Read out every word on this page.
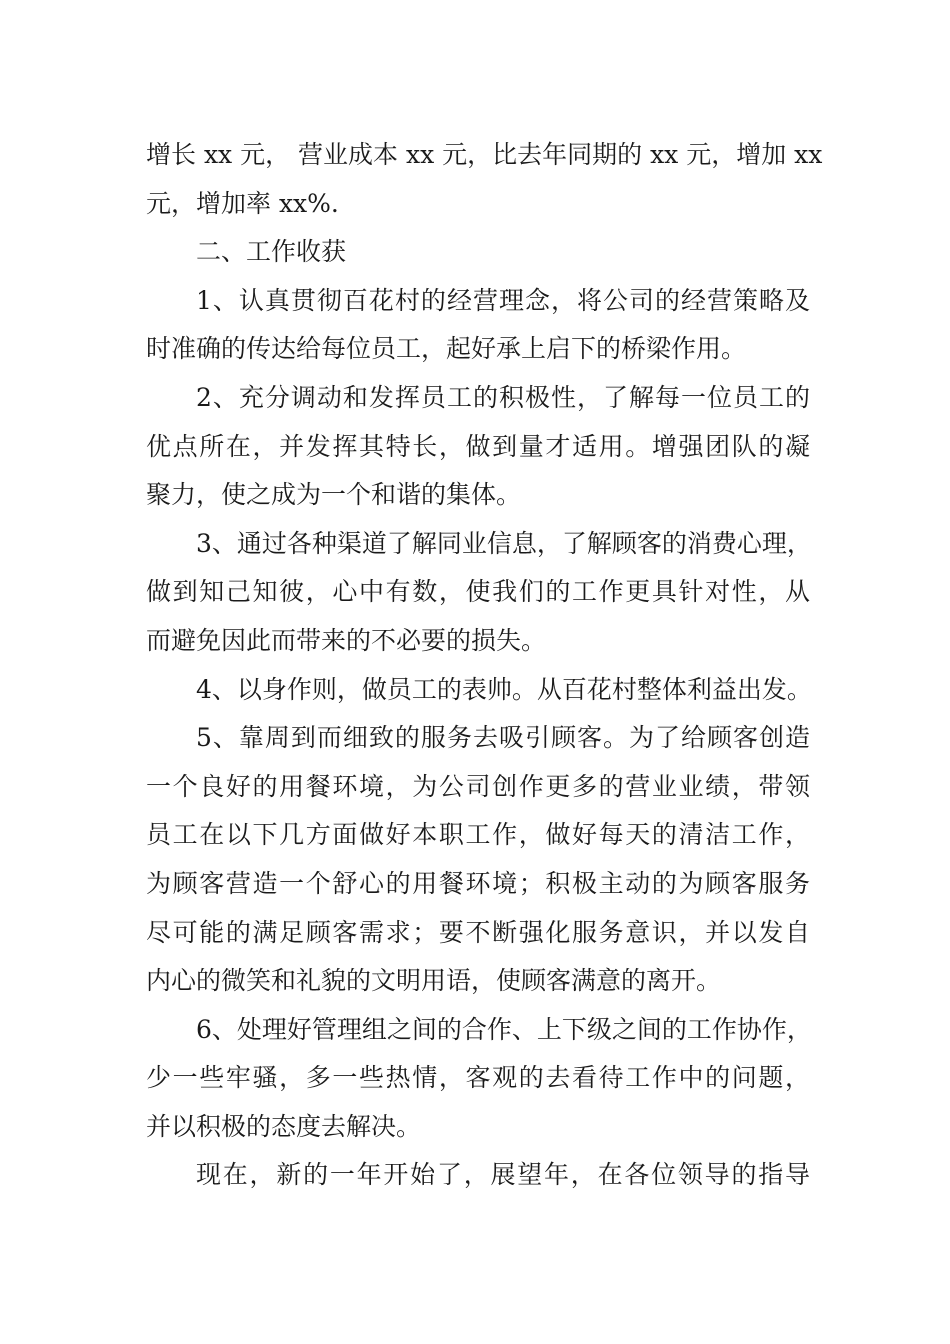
增长 xx 元， 营业成本 xx 元，比去年同期的 xx 元，增加 xx
元，增加率 xx%.
二、工作收获
1、认真贯彻百花村的经营理念，将公司的经营策略及
时准确的传达给每位员工，起好承上启下的桥梁作用。
2、充分调动和发挥员工的积极性，了解每一位员工的
优点所在，并发挥其特长，做到量才适用。增强团队的凝
聚力，使之成为一个和谐的集体。
3、通过各种渠道了解同业信息，了解顾客的消费心理，
做到知己知彼，心中有数，使我们的工作更具针对性，从
而避免因此而带来的不必要的损失。
4、以身作则，做员工的表帅。从百花村整体利益出发。
5、靠周到而细致的服务去吸引顾客。为了给顾客创造
一个良好的用餐环境，为公司创作更多的营业业绩，带领
员工在以下几方面做好本职工作，做好每天的清洁工作，
为顾客营造一个舒心的用餐环境；积极主动的为顾客服务
尽可能的满足顾客需求；要不断强化服务意识，并以发自
内心的微笑和礼貌的文明用语，使顾客满意的离开。
6、处理好管理组之间的合作、上下级之间的工作协作，
少一些牢骚，多一些热情，客观的去看待工作中的问题，
并以积极的态度去解决。
现在，新的一年开始了，展望年，在各位领导的指导
